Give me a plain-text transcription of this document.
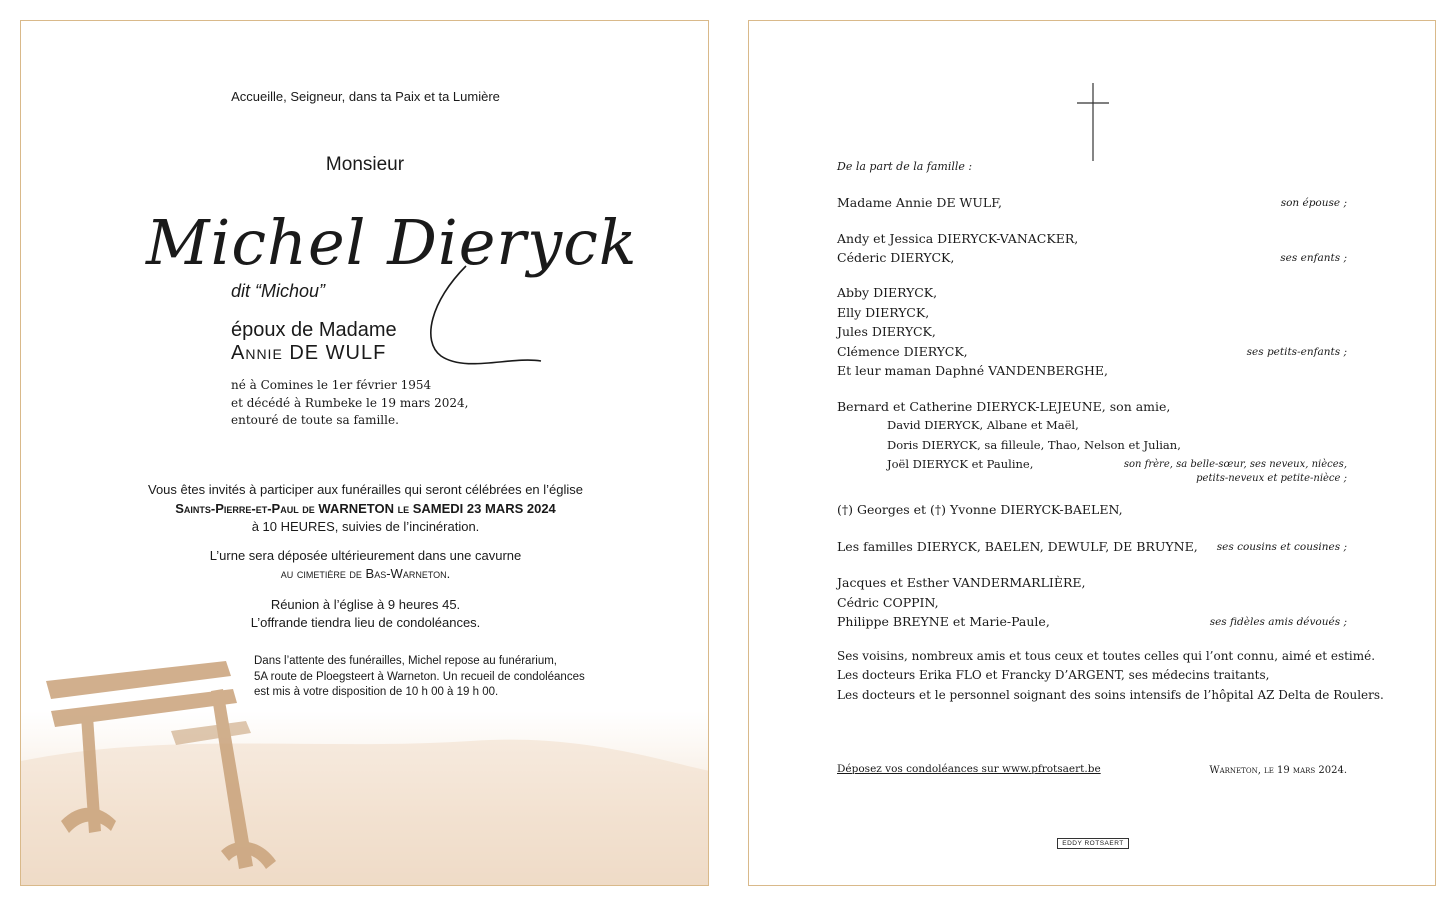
Accueille, Seigneur, dans ta Paix et ta Lumière
Monsieur
Michel Dieryck
dit “Michou”
époux de Madame
Annie DE WULF
né à Comines le 1er février 1954
et décédé à Rumbeke le 19 mars 2024,
entouré de toute sa famille.
Vous êtes invités à participer aux funérailles qui seront célébrées en l’église
Saints-Pierre-et-Paul de WARNETON le SAMEDI 23 MARS 2024
à 10 HEURES, suivies de l’incinération.
L’urne sera déposée ultérieurement dans une cavurne
au cimetière de Bas-Warneton.
Réunion à l’église à 9 heures 45.
L’offrande tiendra lieu de condoléances.
Dans l’attente des funérailles, Michel repose au funérarium,
5A route de Ploegsteert à Warneton. Un recueil de condoléances
est mis à votre disposition de 10 h 00 à 19 h 00.
De la part de la famille :
Madame Annie DE WULF,	son épouse ;
Andy et Jessica DIERYCK-VANACKER,
Céderic DIERYCK,	ses enfants ;
Abby DIERYCK,
Elly DIERYCK,
Jules DIERYCK,
Clémence DIERYCK,	ses petits-enfants ;
Et leur maman Daphné VANDENBERGHE,
Bernard et Catherine DIERYCK-LEJEUNE, son amie,
David DIERYCK, Albane et Maël,
Doris DIERYCK, sa filleule, Thao, Nelson et Julian,
Joël DIERYCK et Pauline,	son frère, sa belle-sœur, ses neveux, nièces,
petits-neveux et petite-nièce ;
(†) Georges et (†) Yvonne DIERYCK-BAELEN,
Les familles DIERYCK, BAELEN, DEWULF, DE BRUYNE, ses cousins et cousines ;
Jacques et Esther VANDERMARLIÈRE,
Cédric COPPIN,
Philippe BREYNE et Marie-Paule,	ses fidèles amis dévoués ;
Ses voisins, nombreux amis et tous ceux et toutes celles qui l’ont connu, aimé et estimé.
Les docteurs Erika FLO et Francky D’ARGENT, ses médecins traitants,
Les docteurs et le personnel soignant des soins intensifs de l’hôpital AZ Delta de Roulers.
Déposez vos condoléances sur www.pfrotsaert.be	Warneton, le 19 mars 2024.
EDDY ROTSAERT
